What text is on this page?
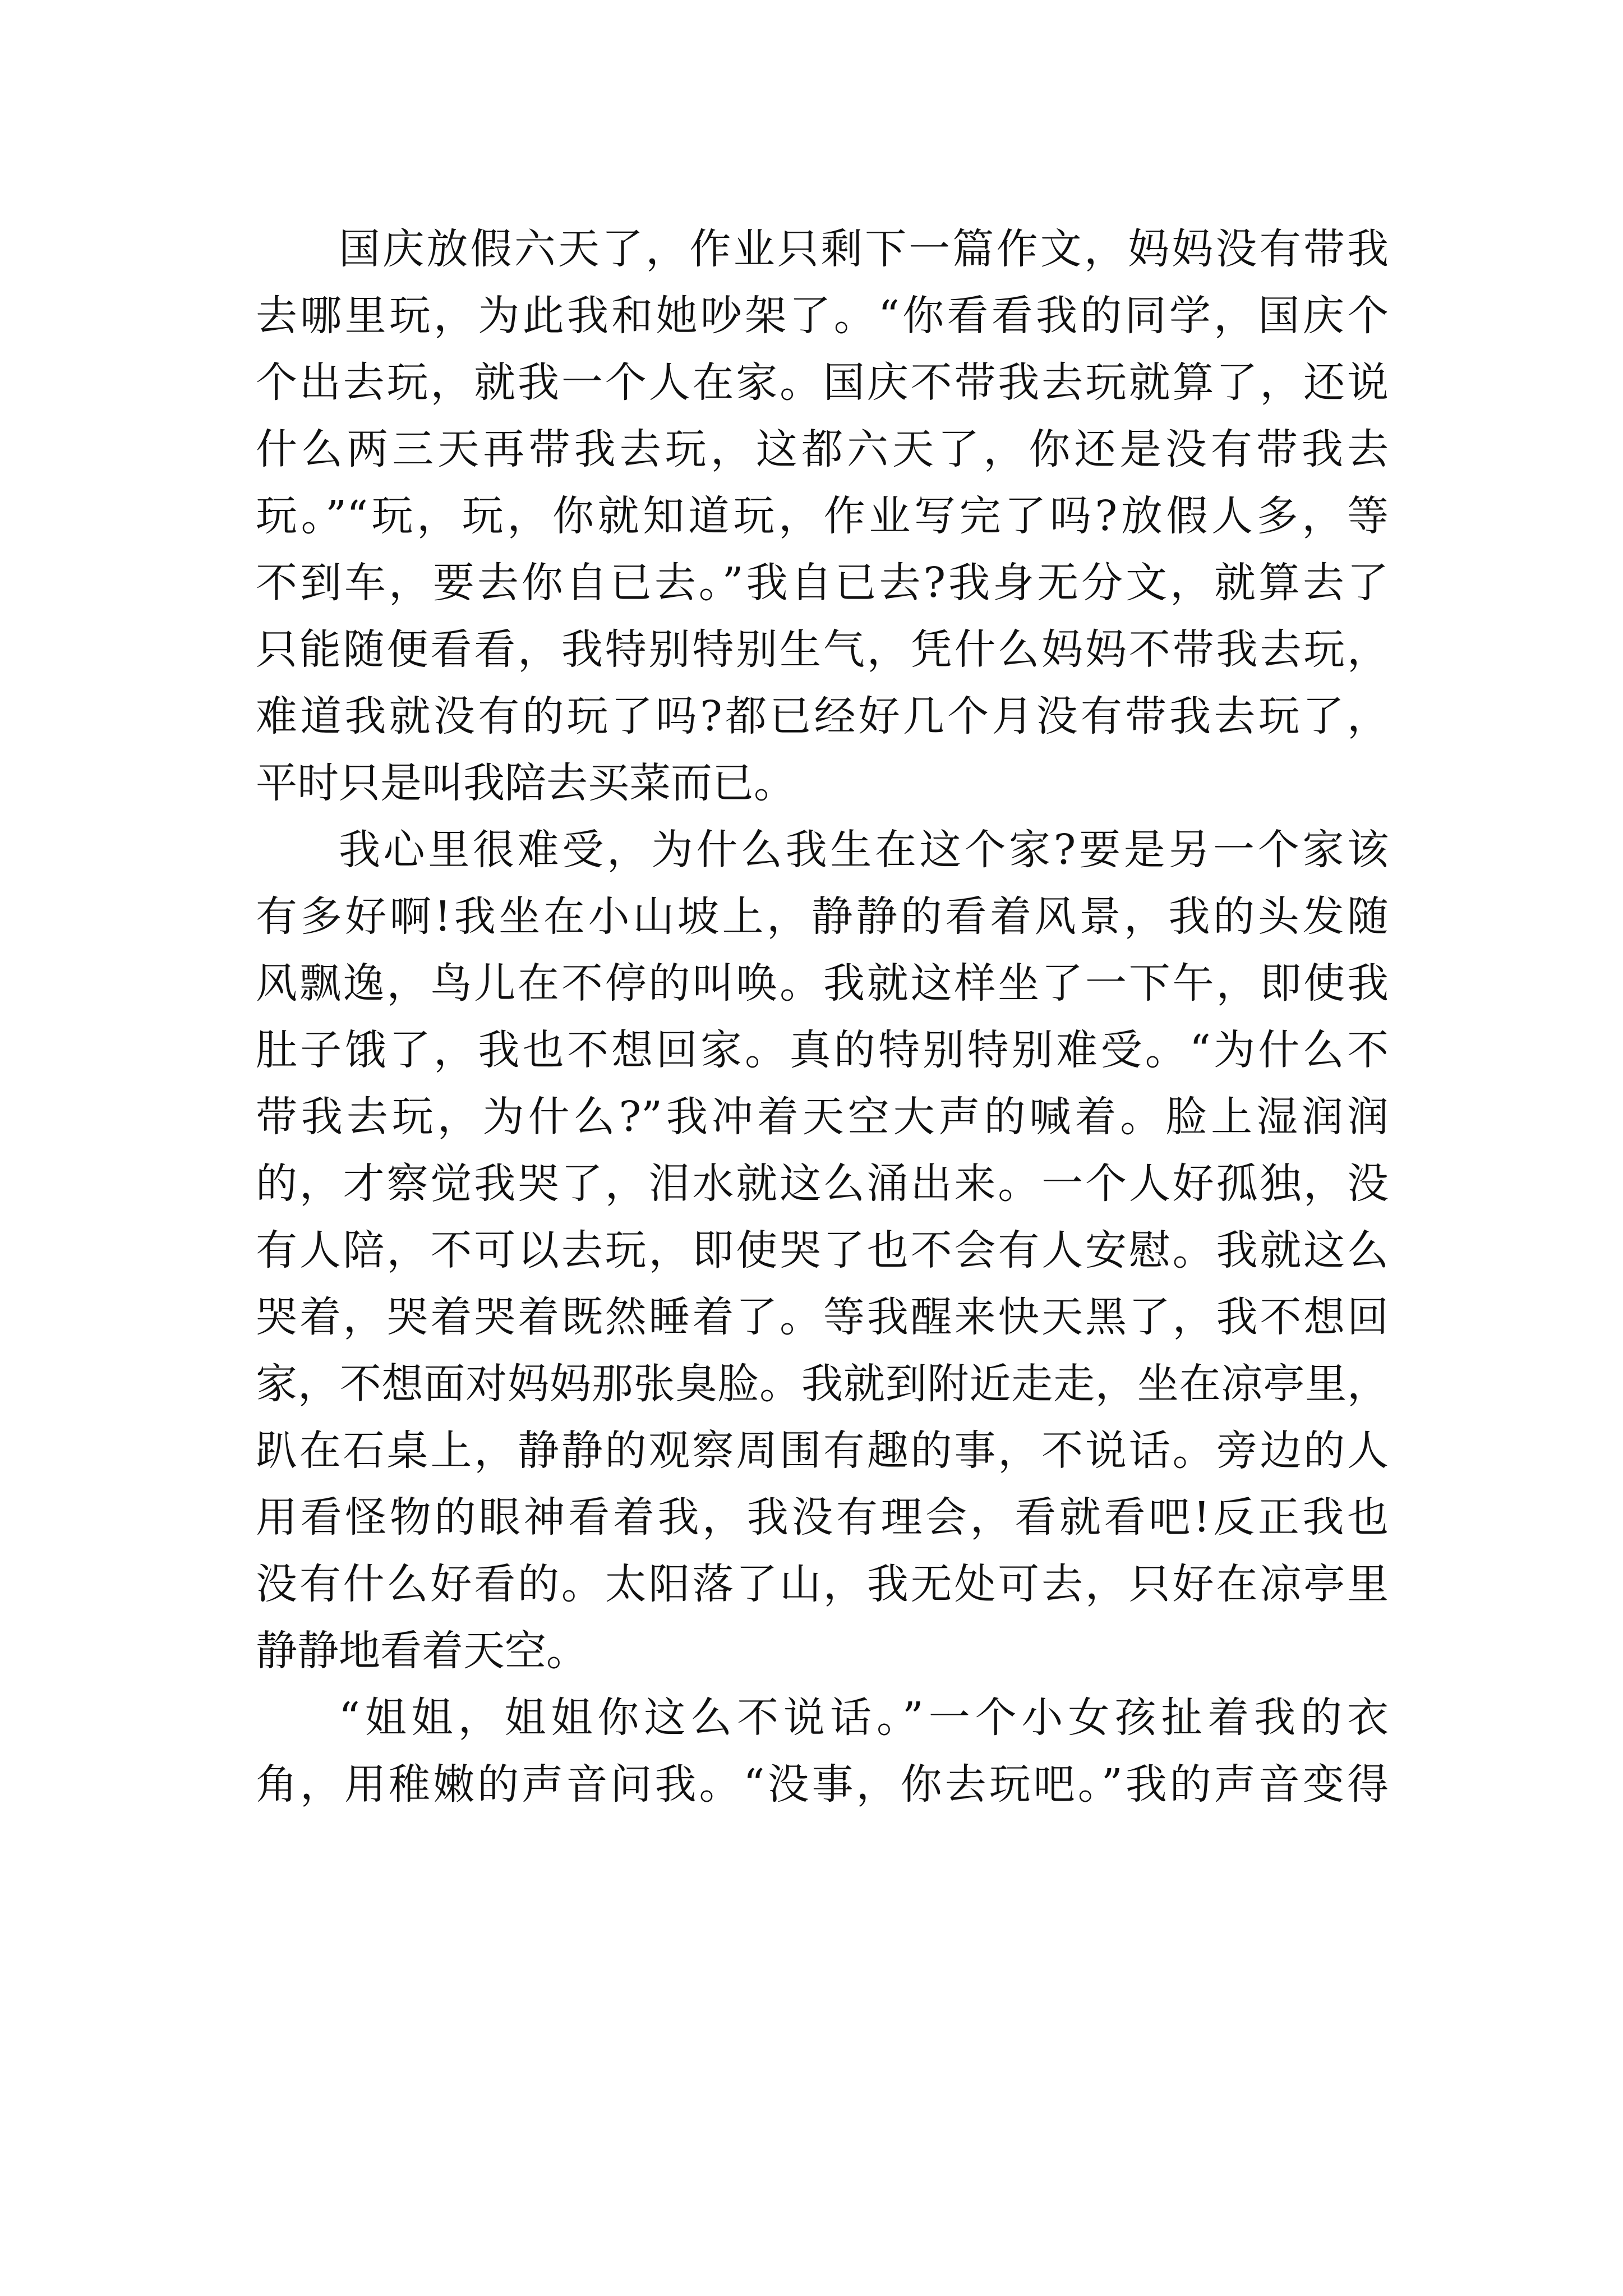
国庆放假六天了，作业只剩下一篇作文，妈妈没有带我
去哪里玩，为此我和她吵架了。“你看看我的同学，国庆个
个出去玩，就我一个人在家。国庆不带我去玩就算了，还说
什么两三天再带我去玩，这都六天了，你还是没有带我去
玩。”“玩，玩，你就知道玩，作业写完了吗?放假人多，等
不到车，要去你自已去。”我自已去?我身无分文，就算去了
只能随便看看，我特别特别生气，凭什么妈妈不带我去玩，
难道我就没有的玩了吗?都已经好几个月没有带我去玩了，
平时只是叫我陪去买菜而已。
我心里很难受，为什么我生在这个家?要是另一个家该
有多好啊!我坐在小山坡上，静静的看着风景，我的头发随
风飘逸，鸟儿在不停的叫唤。我就这样坐了一下午，即使我
肚子饿了，我也不想回家。真的特别特别难受。“为什么不
带我去玩，为什么?”我冲着天空大声的喊着。脸上湿润润
的，才察觉我哭了，泪水就这么涌出来。一个人好孤独，没
有人陪，不可以去玩，即使哭了也不会有人安慰。我就这么
哭着，哭着哭着既然睡着了。等我醒来快天黑了，我不想回
家，不想面对妈妈那张臭脸。我就到附近走走，坐在凉亭里，
趴在石桌上，静静的观察周围有趣的事，不说话。旁边的人
用看怪物的眼神看着我，我没有理会，看就看吧!反正我也
没有什么好看的。太阳落了山，我无处可去，只好在凉亭里
静静地看着天空。
“姐姐，姐姐你这么不说话。”一个小女孩扯着我的衣
角，用稚嫩的声音问我。“没事，你去玩吧。”我的声音变得
